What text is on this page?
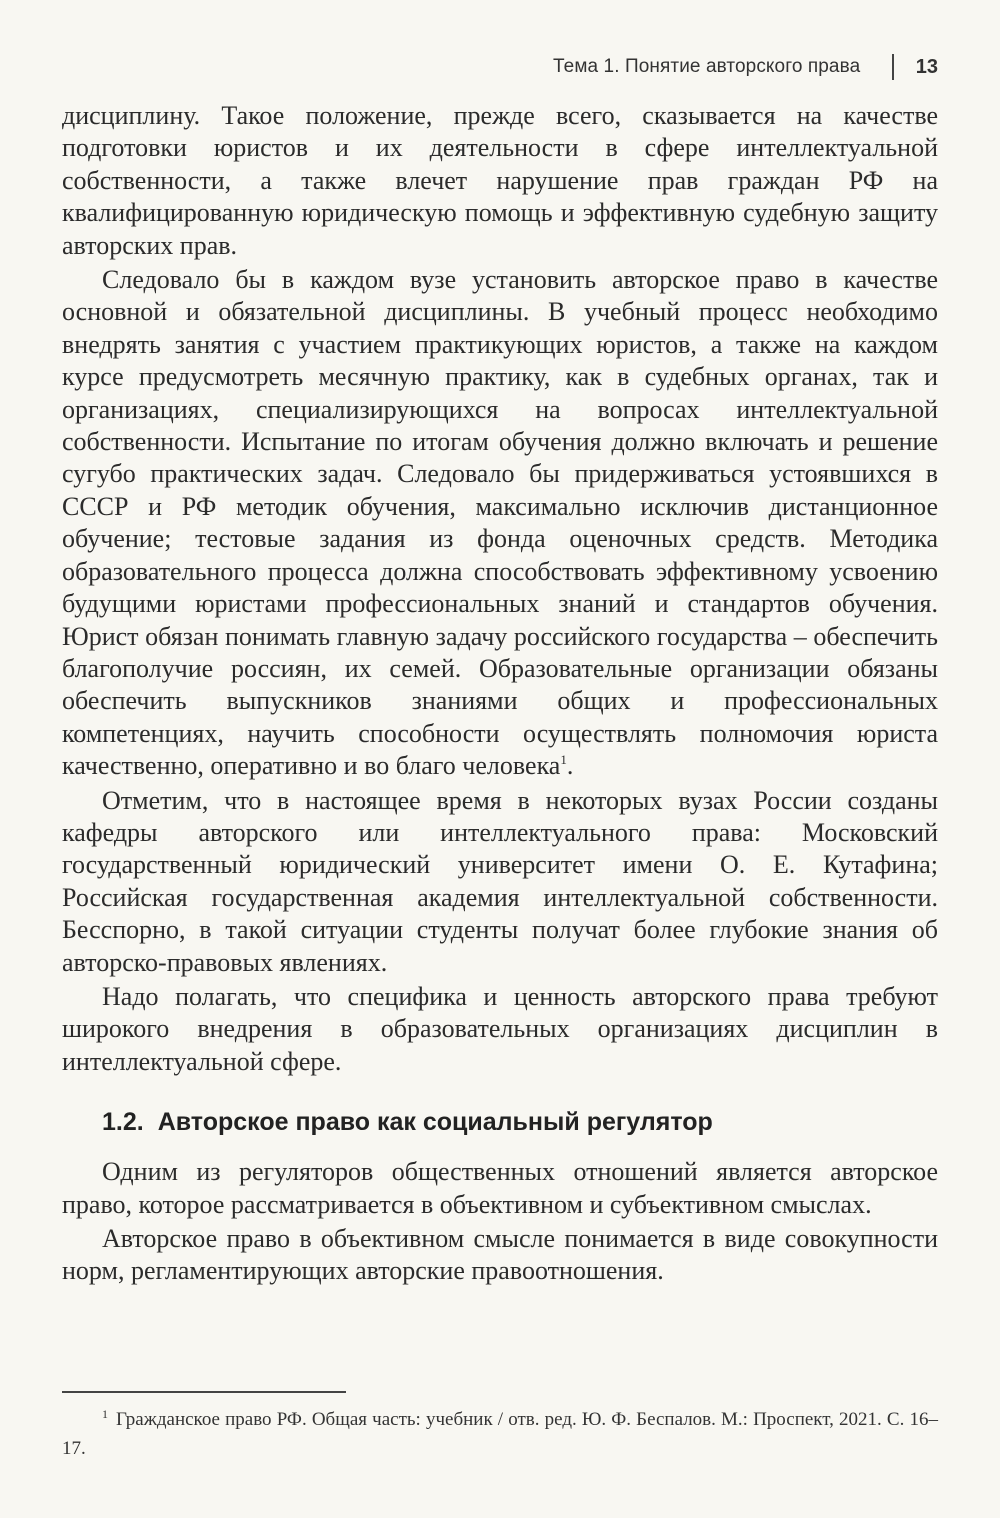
Тема 1. Понятие авторского права	13

дисциплину. Такое положение, прежде всего, сказывается на качестве подготовки юристов и их деятельности в сфере интеллектуальной собственности, а также влечет нарушение прав граждан РФ на квалифицированную юридическую помощь и эффективную судебную защиту авторских прав.

Следовало бы в каждом вузе установить авторское право в качестве основной и обязательной дисциплины. В учебный процесс необходимо внедрять занятия с участием практикующих юристов, а также на каждом курсе предусмотреть месячную практику, как в судебных органах, так и организациях, специализирующихся на вопросах интеллектуальной собственности. Испытание по итогам обучения должно включать и решение сугубо практических задач. Следовало бы придерживаться устоявшихся в СССР и РФ методик обучения, максимально исключив дистанционное обучение; тестовые задания из фонда оценочных средств. Методика образовательного процесса должна способствовать эффективному усвоению будущими юристами профессиональных знаний и стандартов обучения. Юрист обязан понимать главную задачу российского государства – обеспечить благополучие россиян, их семей. Образовательные организации обязаны обеспечить выпускников знаниями общих и профессиональных компетенциях, научить способности осуществлять полномочия юриста качественно, оперативно и во благо человека$^1$.

Отметим, что в настоящее время в некоторых вузах России созданы кафедры авторского или интеллектуального права: Московский государственный юридический университет имени О. Е. Кутафина; Российская государственная академия интеллектуальной собственности. Бесспорно, в такой ситуации студенты получат более глубокие знания об авторско-правовых явлениях.

Надо полагать, что специфика и ценность авторского права требуют широкого внедрения в образовательных организациях дисциплин в интеллектуальной сфере.

1.2. Авторское право как социальный регулятор

Одним из регуляторов общественных отношений является авторское право, которое рассматривается в объективном и субъективном смыслах.

Авторское право в объективном смысле понимается в виде совокупности норм, регламентирующих авторские правоотношения.

$^1$ Гражданское право РФ. Общая часть: учебник / отв. ред. Ю. Ф. Беспалов. М.: Проспект, 2021. С. 16–17.
